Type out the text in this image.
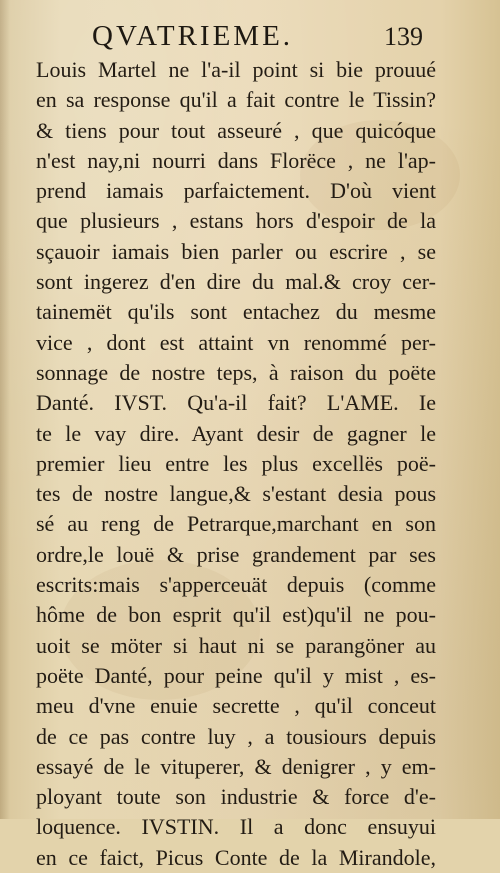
QVATRIEME.	139
Louis Martel ne l'a-il point si bie prouué
en sa response qu'il a fait contre le Tissin?
& tiens pour tout asseuré , que quicóque
n'est nay,ni nourri dans Florëce , ne l'ap-
prend iamais parfaictement. D'où vient
que plusieurs , estans hors d'espoir de la
sçauoir iamais bien parler ou escrire , se
sont ingerez d'en dire du mal.& croy cer-
tainemët qu'ils sont entachez du mesme
vice , dont est attaint vn renommé per-
sonnage de nostre teps, à raison du poëte
Danté. IVST. Qu'a-il fait? L'AME. Ie
te le vay dire. Ayant desir de gagner le
premier lieu entre les plus excellës poë-
tes de nostre langue,& s'estant desia pous
sé au reng de Petrarque,marchant en son
ordre,le louë & prise grandement par ses
escrits:mais s'apperceuät depuis (comme
hôme de bon esprit qu'il est)qu'il ne pou-
uoit se möter si haut ni se parangöner au
poëte Danté, pour peine qu'il y mist , es-
meu d'vne enuie secrette , qu'il conceut
de ce pas contre luy , a tousiours depuis
essayé de le vituperer, & denigrer , y em-
ployant toute son industrie & force d'e-
loquence. IVSTIN. Il a donc ensuyui
en ce faict, Picus Conte de la Mirandole,
